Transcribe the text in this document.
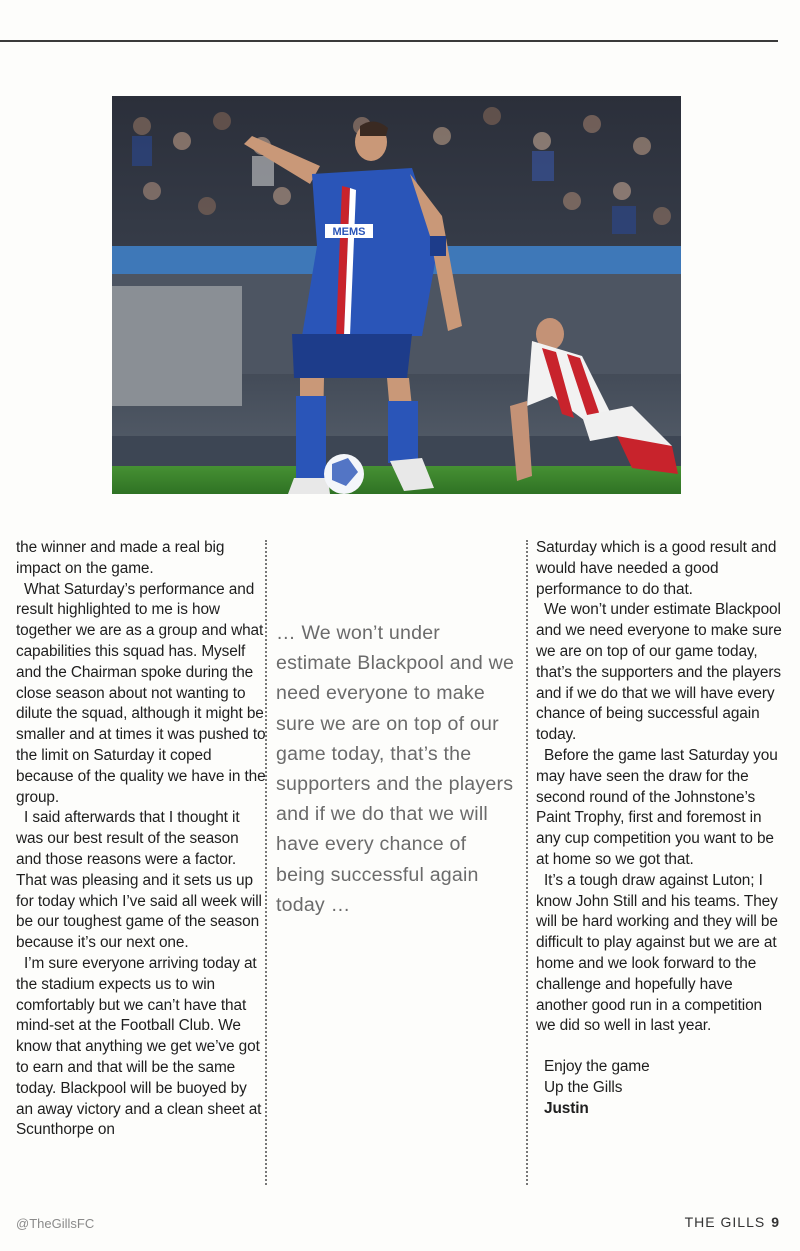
MEMS

the winner and made a real big impact on the game.

What Saturday’s performance and result highlighted to me is how together we are as a group and what capabilities this squad has. Myself and the Chairman spoke during the close season about not wanting to dilute the squad, although it might be smaller and at times it was pushed to the limit on Saturday it coped because of the quality we have in the group.

I said afterwards that I thought it was our best result of the season and those reasons were a factor. That was pleasing and it sets us up for today which I’ve said all week will be our toughest game of the season because it’s our next one.

I’m sure everyone arriving today at the stadium expects us to win comfortably but we can’t have that mind-set at the Football Club. We know that anything we get we’ve got to earn and that will be the same today. Blackpool will be buoyed by an away victory and a clean sheet at Scunthorpe on

… We won’t under estimate Blackpool and we need everyone to make sure we are on top of our game today, that’s the supporters and the players and if we do that we will have every chance of being successful again today …

Saturday which is a good result and would have needed a good performance to do that.

We won’t under estimate Blackpool and we need everyone to make sure we are on top of our game today, that’s the supporters and the players and if we do that we will have every chance of being successful again today.

Before the game last Saturday you may have seen the draw for the second round of the Johnstone’s Paint Trophy, first and foremost in any cup competition you want to be at home so we got that.

It’s a tough draw against Luton; I know John Still and his teams. They will be hard working and they will be difficult to play against but we are at home and we look forward to the challenge and hopefully have another good run in a competition we did so well in last year.

Enjoy the game
Up the Gills
Justin
@TheGillsFC	THE GILLS 9
